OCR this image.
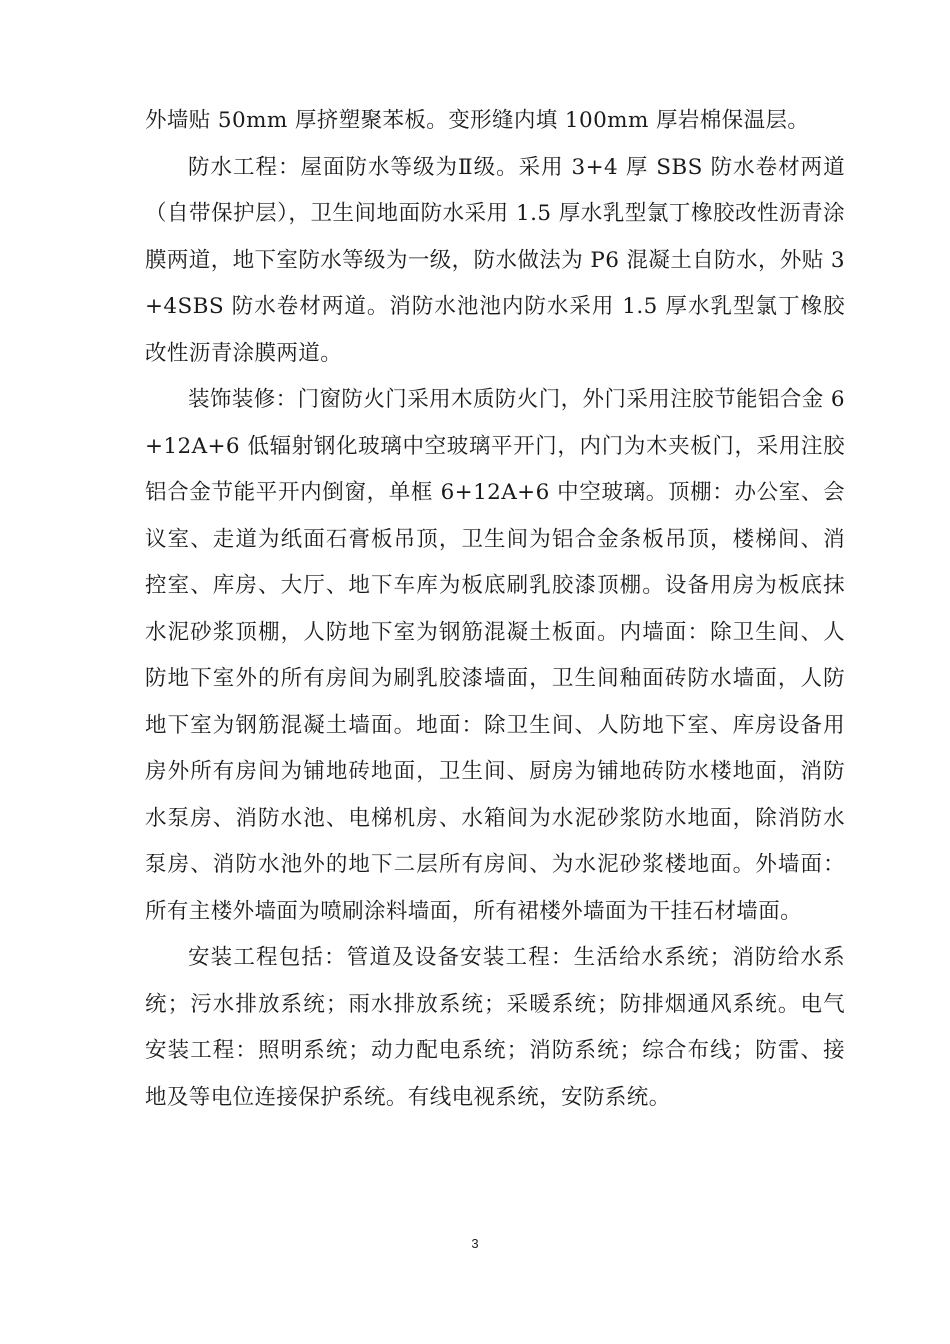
外墙贴 50mm 厚挤塑聚苯板。变形缝内填 100mm 厚岩棉保温层。

防水工程：屋面防水等级为Ⅱ级。采用 3+4 厚 SBS 防水卷材两道（自带保护层），卫生间地面防水采用 1.5 厚水乳型氯丁橡胶改性沥青涂膜两道，地下室防水等级为一级，防水做法为 P6 混凝土自防水，外贴 3+4SBS 防水卷材两道。消防水池池内防水采用 1.5 厚水乳型氯丁橡胶改性沥青涂膜两道。

装饰装修：门窗防火门采用木质防火门，外门采用注胶节能铝合金 6+12A+6 低辐射钢化玻璃中空玻璃平开门，内门为木夹板门，采用注胶铝合金节能平开内倒窗，单框 6+12A+6 中空玻璃。顶棚：办公室、会议室、走道为纸面石膏板吊顶，卫生间为铝合金条板吊顶，楼梯间、消控室、库房、大厅、地下车库为板底刷乳胶漆顶棚。设备用房为板底抹水泥砂浆顶棚，人防地下室为钢筋混凝土板面。内墙面：除卫生间、人防地下室外的所有房间为刷乳胶漆墙面，卫生间釉面砖防水墙面，人防地下室为钢筋混凝土墙面。地面：除卫生间、人防地下室、库房设备用房外所有房间为铺地砖地面，卫生间、厨房为铺地砖防水楼地面，消防水泵房、消防水池、电梯机房、水箱间为水泥砂浆防水地面，除消防水泵房、消防水池外的地下二层所有房间、为水泥砂浆楼地面。外墙面：所有主楼外墙面为喷刷涂料墙面，所有裙楼外墙面为干挂石材墙面。

安装工程包括：管道及设备安装工程：生活给水系统；消防给水系统；污水排放系统；雨水排放系统；采暖系统；防排烟通风系统。电气安装工程：照明系统；动力配电系统；消防系统；综合布线；防雷、接地及等电位连接保护系统。有线电视系统，安防系统。

3
